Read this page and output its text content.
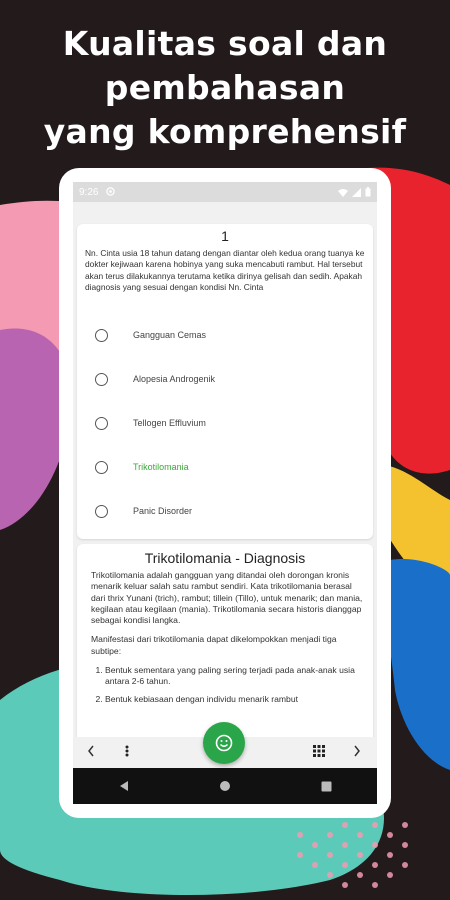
Kualitas soal dan
pembahasan
yang komprehensif
9:26
1
Nn. Cinta usia 18 tahun datang dengan diantar oleh kedua orang tuanya ke dokter kejiwaan karena hobinya yang suka mencabuti rambut. Hal tersebut akan terus dilakukannya terutama ketika dirinya gelisah dan sedih. Apakah diagnosis yang sesuai dengan kondisi Nn. Cinta
Gangguan Cemas
Alopesia Androgenik
Tellogen Effluvium
Trikotilomania
Panic Disorder
Trikotilomania - Diagnosis

Trikotilomania adalah gangguan yang ditandai oleh dorongan kronis menarik keluar salah satu rambut sendiri. Kata trikotilomania berasal dari thrix Yunani (trich), rambut; tillein (Tillo), untuk menarik; dan mania, kegilaan atau kegilaan (mania). Trikotilomania secara historis dianggap sebagai kondisi langka.

Manifestasi dari trikotilomania dapat dikelompokkan menjadi tiga subtipe:

1. Bentuk sementara yang paling sering terjadi pada anak-anak usia antara 2-6 tahun.
2. Bentuk kebiasaan dengan individu menarik rambut
